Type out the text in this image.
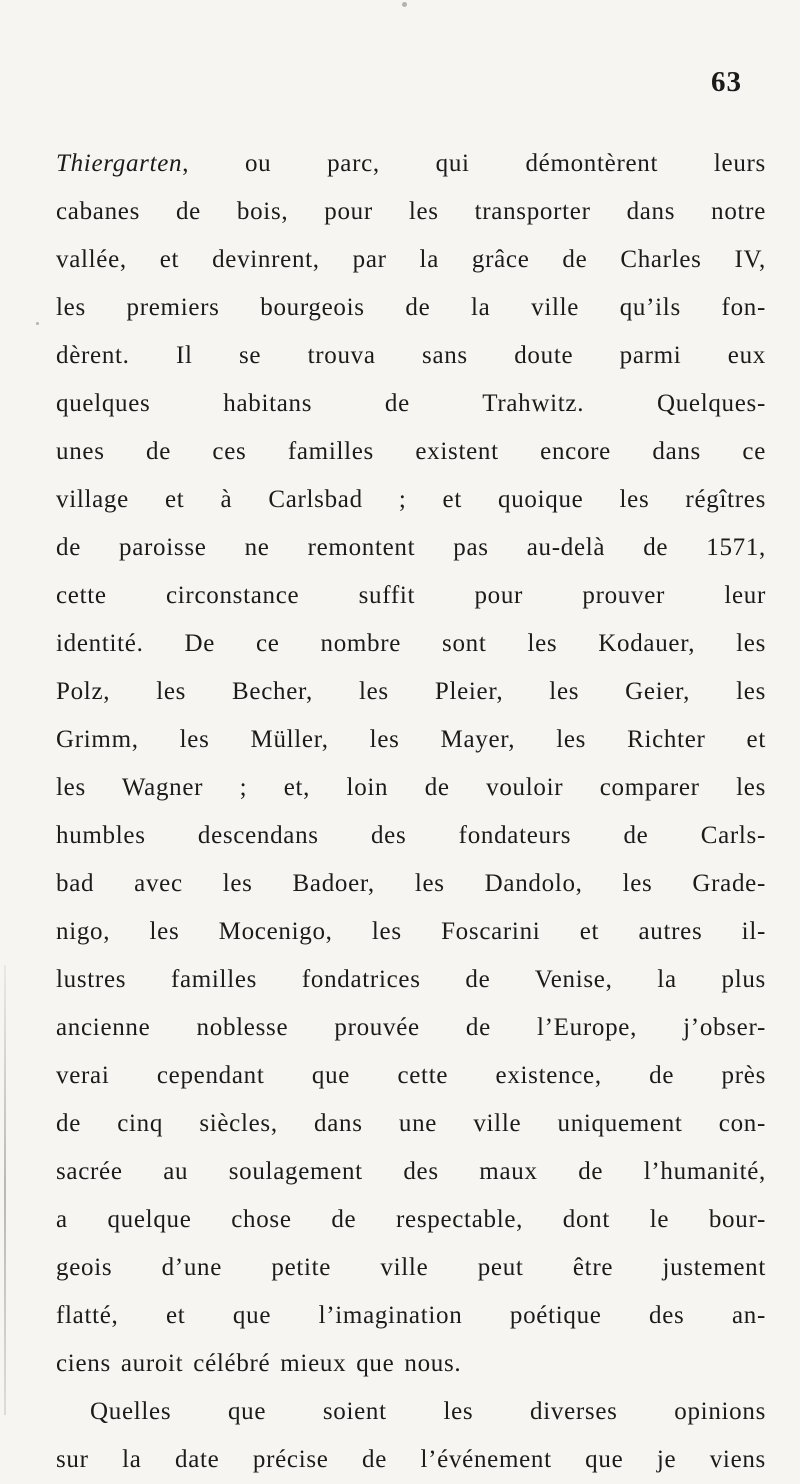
63
Thiergarten, ou parc, qui démontèrent leurs
cabanes de bois, pour les transporter dans notre
vallée, et devinrent, par la grâce de Charles IV,
les premiers bourgeois de la ville qu’ils fon-
dèrent. Il se trouva sans doute parmi eux
quelques habitans de Trahwitz. Quelques-
unes de ces familles existent encore dans ce
village et à Carlsbad ; et quoique les régîtres
de paroisse ne remontent pas au-delà de 1571,
cette circonstance suffit pour prouver leur
identité. De ce nombre sont les Kodauer, les
Polz, les Becher, les Pleier, les Geier, les
Grimm, les Müller, les Mayer, les Richter et
les Wagner ; et, loin de vouloir comparer les
humbles descendans des fondateurs de Carls-
bad avec les Badoer, les Dandolo, les Grade-
nigo, les Mocenigo, les Foscarini et autres il-
lustres familles fondatrices de Venise, la plus
ancienne noblesse prouvée de l’Europe, j’obser-
verai cependant que cette existence, de près
de cinq siècles, dans une ville uniquement con-
sacrée au soulagement des maux de l’humanité,
a quelque chose de respectable, dont le bour-
geois d’une petite ville peut être justement
flatté, et que l’imagination poétique des an-
ciens auroit célébré mieux que nous.
Quelles que soient les diverses opinions
sur la date précise de l’événement que je viens
